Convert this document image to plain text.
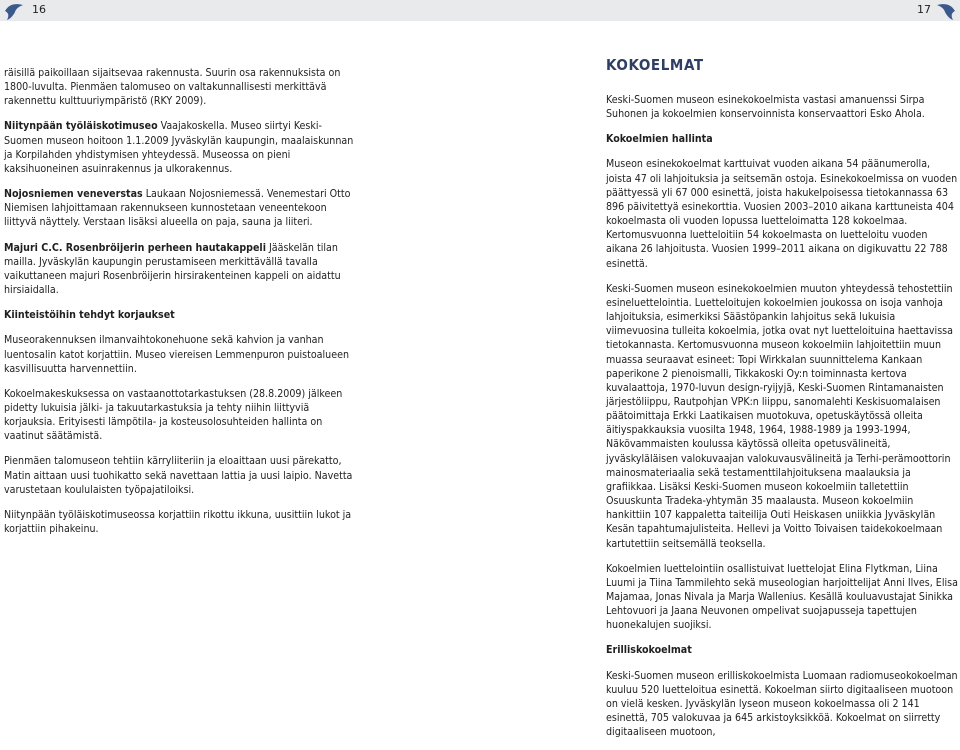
16	17

räisillä paikoillaan sijaitsevaa rakennusta. Suurin osa rakennuksista on 1800-luvulta. Pienmäen talomuseo on valtakunnallisesti merkittävä rakennettu kulttuuriympäristö (RKY 2009).

Niitynpään työläiskotimuseo Vaajakoskella. Museo siirtyi Keski-Suomen museon hoitoon 1.1.2009 Jyväskylän kaupungin, maalaiskunnan ja Korpilahden yhdistymisen yhteydessä. Museossa on pieni kaksihuoneinen asuinrakennus ja ulkorakennus.

Nojosniemen veneverstas Laukaan Nojosniemessä. Venemestari Otto Niemisen lahjoittamaan rakennukseen kunnostetaan veneentekoon liittyvä näyttely. Verstaan lisäksi alueella on paja, sauna ja liiteri.

Majuri C.C. Rosenbröijerin perheen hautakappeli Jääskelän tilan mailla. Jyväskylän kaupungin perustamiseen merkittävällä tavalla vaikuttaneen majuri Rosenbröijerin hirsirakenteinen kappeli on aidattu hirsiaidalla.

Kiinteistöihin tehdyt korjaukset

Museorakennuksen ilmanvaihtokonehuone sekä kahvion ja vanhan luentosalin katot korjattiin. Museo viereisen Lemmenpuron puistoalueen kasvillisuutta harvennettiin.

Kokoelmakeskuksessa on vastaanottotarkastuksen (28.8.2009) jälkeen pidetty lukuisia jälki- ja takuutarkastuksia ja tehty niihin liittyviä korjauksia. Erityisesti lämpötila- ja kosteusolosuhteiden hallinta on vaatinut säätämistä.

Pienmäen talomuseon tehtiin kärryliiteriin ja eloaittaan uusi pärekatto, Matin aittaan uusi tuohikatto sekä navettaan lattia ja uusi laipio. Navetta varustetaan koululaisten työpajatiloiksi.

Niitynpään työläiskotimuseossa korjattiin rikottu ikkuna, uusittiin lukot ja korjattiin pihakeinu.

KOKOELMAT

Keski-Suomen museon esinekokoelmista vastasi amanuenssi Sirpa Suhonen ja kokoelmien konservoinnista konservaattori Esko Ahola.

Kokoelmien hallinta

Museon esinekokoelmat karttuivat vuoden aikana 54 päänumerolla, joista 47 oli lahjoituksia ja seitsemän ostoja. Esinekokoelmissa on vuoden päättyessä yli 67 000 esinettä, joista hakukelpoisessa tietokannassa 63 896 päivitettyä esinekorttia. Vuosien 2003–2010 aikana karttuneista 404 kokoelmasta oli vuoden lopussa luetteloimatta 128 kokoelmaa. Kertomusvuonna luetteloitiin 54 kokoelmasta on luetteloitu vuoden aikana 26 lahjoitusta. Vuosien 1999–2011 aikana on digikuvattu 22 788 esinettä.

Keski-Suomen museon esinekokoelmien muuton yhteydessä tehostettiin esineluettelointia. Luetteloitujen kokoelmien joukossa on isoja vanhoja lahjoituksia, esimerkiksi Säästöpankin lahjoitus sekä lukuisia viimevuosina tulleita kokoelmia, jotka ovat nyt luetteloituina haettavissa tietokannasta. Kertomusvuonna museon kokoelmiin lahjoitettiin muun muassa seuraavat esineet: Topi Wirkkalan suunnittelema Kankaan paperikone 2 pienoismalli, Tikkakoski Oy:n toiminnasta kertova kuvalaattoja, 1970-luvun design-ryijyjä, Keski-Suomen Rintamanaisten järjestöliippu, Rautpohjan VPK:n liippu, sanomalehti Keskisuomalaisen päätoimittaja Erkki Laatikaisen muotokuva, opetuskäytössä olleita äitiyspakkauksia vuosilta 1948, 1964, 1988-1989 ja 1993-1994, Näkövammaisten koulussa käytössä olleita opetusvälineitä, jyväskyläläisen valokuvaajan valokuvausvälineitä ja Terhi-perämoottorin mainosmateriaalia sekä testamenttilahjoituksena maalauksia ja grafiikkaa. Lisäksi Keski-Suomen museon kokoelmiin talletettiin Osuuskunta Tradeka-yhtymän 35 maalausta. Museon kokoelmiin hankittiin 107 kappaletta taiteilija Outi Heiskasen uniikkia Jyväskylän Kesän tapahtumajulisteita. Hellevi ja Voitto Toivaisen taidekokoelmaan kartutettiin seitsemällä teoksella.

Kokoelmien luettelointiin osallistuivat luettelojat Elina Flytkman, Liina Luumi ja Tiina Tammilehto sekä museologian harjoittelijat Anni Ilves, Elisa Majamaa, Jonas Nivala ja Marja Wallenius. Kesällä kouluavustajat Sinikka Lehtovuori ja Jaana Neuvonen ompelivat suojapusseja tapettujen huonekalujen suojiksi.

Erilliskokoelmat

Keski-Suomen museon erilliskokoelmista Luomaan radiomuseokokoelman kuuluu 520 luetteloitua esinettä. Kokoelman siirto digitaaliseen muotoon on vielä kesken. Jyväskylän lyseon museon kokoelmassa oli 2 141 esinettä, 705 valokuvaa ja 645 arkistoyksikköä. Kokoelmat on siirretty digitaaliseen muotoon,
